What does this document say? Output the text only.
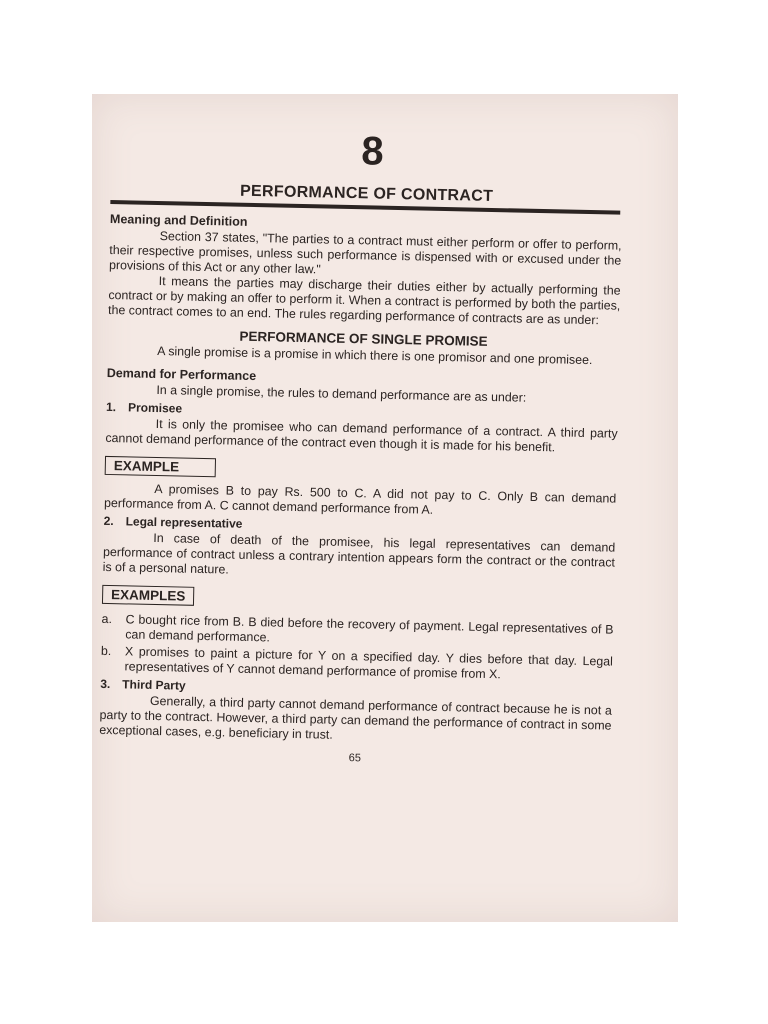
8
PERFORMANCE OF CONTRACT
Meaning and Definition

Section 37 states, "The parties to a contract must either perform or offer to perform, their respective promises, unless such performance is dispensed with or excused under the provisions of this Act or any other law."

It means the parties may discharge their duties either by actually performing the contract or by making an offer to perform it. When a contract is performed by both the parties, the contract comes to an end. The rules regarding performance of contracts are as under:

PERFORMANCE OF SINGLE PROMISE

A single promise is a promise in which there is one promisor and one promisee.

Demand for Performance

In a single promise, the rules to demand performance are as under:

1. Promisee

It is only the promisee who can demand performance of a contract. A third party cannot demand performance of the contract even though it is made for his benefit.

EXAMPLE

A promises B to pay Rs. 500 to C. A did not pay to C. Only B can demand performance from A. C cannot demand performance from A.

2. Legal representative

In case of death of the promisee, his legal representatives can demand performance of contract unless a contrary intention appears form the contract or the contract is of a personal nature.

EXAMPLES
a.	C bought rice from B. B died before the recovery of payment. Legal representatives of B can demand performance.
b.	X promises to paint a picture for Y on a specified day. Y dies before that day. Legal representatives of Y cannot demand performance of promise from X.
3. Third Party

Generally, a third party cannot demand performance of contract because he is not a party to the contract. However, a third party can demand the performance of contract in some exceptional cases, e.g. beneficiary in trust.

65
